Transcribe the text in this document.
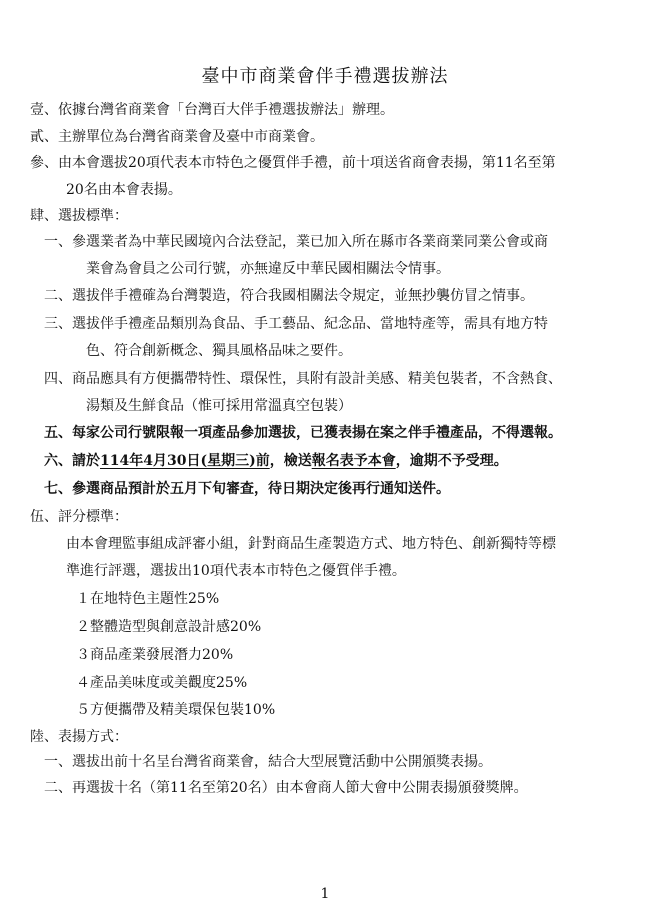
臺中市商業會伴手禮選拔辦法
壹、依據台灣省商業會「台灣百大伴手禮選拔辦法」辦理。
貳、主辦單位為台灣省商業會及臺中市商業會。
參、由本會選拔20項代表本市特色之優質伴手禮，前十項送省商會表揚，第11名至第
20名由本會表揚。
肆、選拔標準：
一、參選業者為中華民國境內合法登記，業已加入所在縣市各業商業同業公會或商
業會為會員之公司行號，亦無違反中華民國相關法令情事。
二、選拔伴手禮確為台灣製造，符合我國相關法令規定，並無抄襲仿冒之情事。
三、選拔伴手禮產品類別為食品、手工藝品、紀念品、當地特產等，需具有地方特
色、符合創新概念、獨具風格品味之要件。
四、商品應具有方便攜帶特性、環保性，具附有設計美感、精美包裝者，不含熱食、
湯類及生鮮食品（惟可採用常溫真空包裝）
五、每家公司行號限報一項產品參加選拔，已獲表揚在案之伴手禮產品，不得選報。
六、請於114年4月30日(星期三)前，檢送報名表予本會，逾期不予受理。
七、參選商品預計於五月下旬審查，待日期決定後再行通知送件。
伍、評分標準：
由本會理監事組成評審小組，針對商品生產製造方式、地方特色、創新獨特等標
準進行評選，選拔出10項代表本市特色之優質伴手禮。
１在地特色主題性25%
２整體造型與創意設計感20%
３商品產業發展潛力20%
４產品美味度或美觀度25%
５方便攜帶及精美環保包裝10%
陸、表揚方式：
一、選拔出前十名呈台灣省商業會，結合大型展覽活動中公開頒獎表揚。
二、再選拔十名（第11名至第20名）由本會商人節大會中公開表揚頒發獎牌。
1
